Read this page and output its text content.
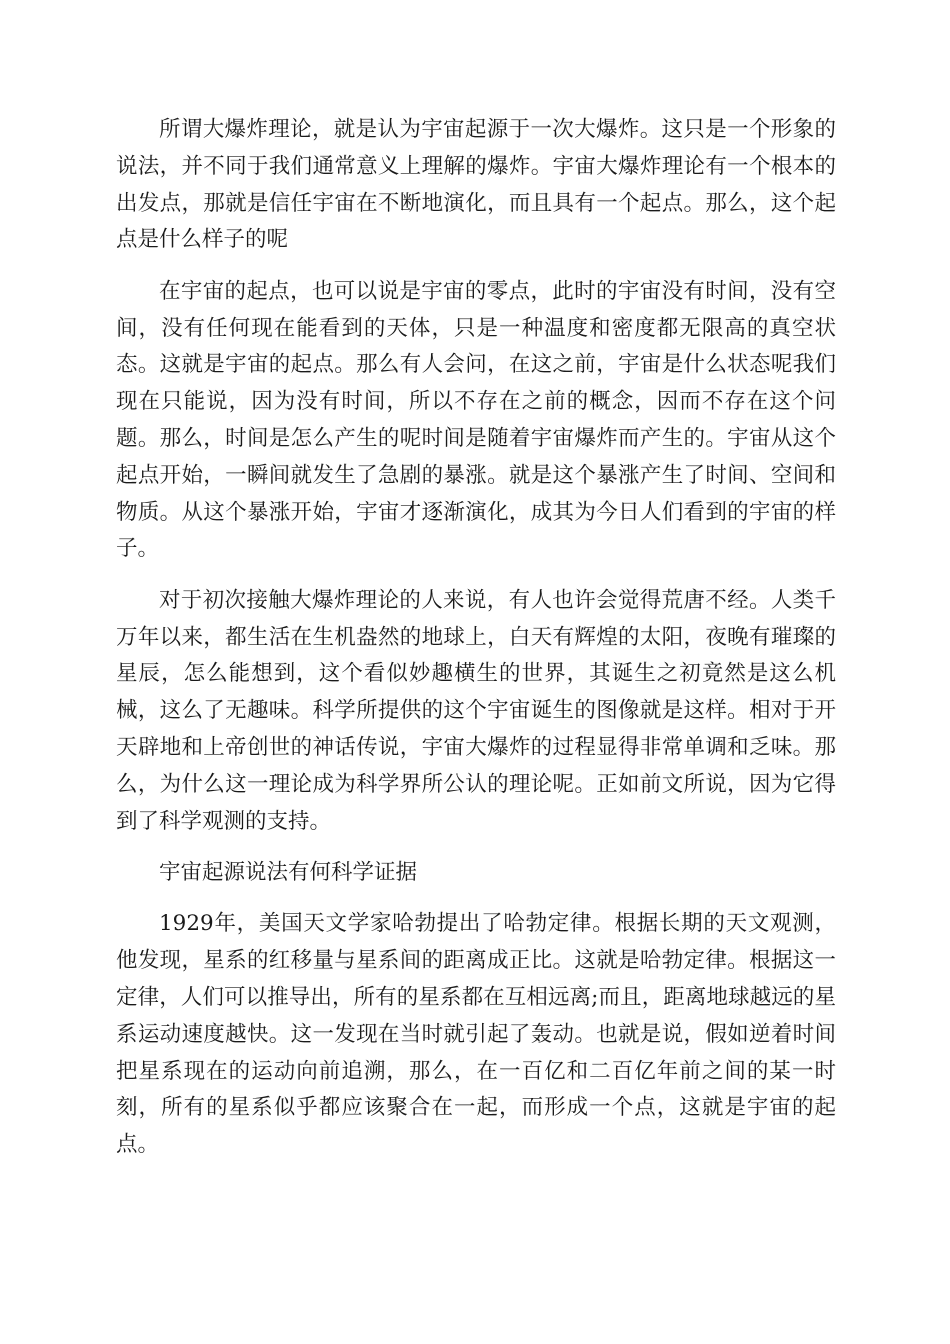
所谓大爆炸理论，就是认为宇宙起源于一次大爆炸。这只是一个形象的说法，并不同于我们通常意义上理解的爆炸。宇宙大爆炸理论有一个根本的出发点，那就是信任宇宙在不断地演化，而且具有一个起点。那么，这个起点是什么样子的呢

在宇宙的起点，也可以说是宇宙的零点，此时的宇宙没有时间，没有空间，没有任何现在能看到的天体，只是一种温度和密度都无限高的真空状态。这就是宇宙的起点。那么有人会问，在这之前，宇宙是什么状态呢我们现在只能说，因为没有时间，所以不存在之前的概念，因而不存在这个问题。那么，时间是怎么产生的呢时间是随着宇宙爆炸而产生的。宇宙从这个起点开始，一瞬间就发生了急剧的暴涨。就是这个暴涨产生了时间、空间和物质。从这个暴涨开始，宇宙才逐渐演化，成其为今日人们看到的宇宙的样子。

对于初次接触大爆炸理论的人来说，有人也许会觉得荒唐不经。人类千万年以来，都生活在生机盎然的地球上，白天有辉煌的太阳，夜晚有璀璨的星辰，怎么能想到，这个看似妙趣横生的世界，其诞生之初竟然是这么机械，这么了无趣味。科学所提供的这个宇宙诞生的图像就是这样。相对于开天辟地和上帝创世的神话传说，宇宙大爆炸的过程显得非常单调和乏味。那么，为什么这一理论成为科学界所公认的理论呢。正如前文所说，因为它得到了科学观测的支持。

宇宙起源说法有何科学证据

1929年，美国天文学家哈勃提出了哈勃定律。根据长期的天文观测，他发现，星系的红移量与星系间的距离成正比。这就是哈勃定律。根据这一定律，人们可以推导出，所有的星系都在互相远离;而且，距离地球越远的星系运动速度越快。这一发现在当时就引起了轰动。也就是说，假如逆着时间把星系现在的运动向前追溯，那么，在一百亿和二百亿年前之间的某一时刻，所有的星系似乎都应该聚合在一起，而形成一个点，这就是宇宙的起点。
